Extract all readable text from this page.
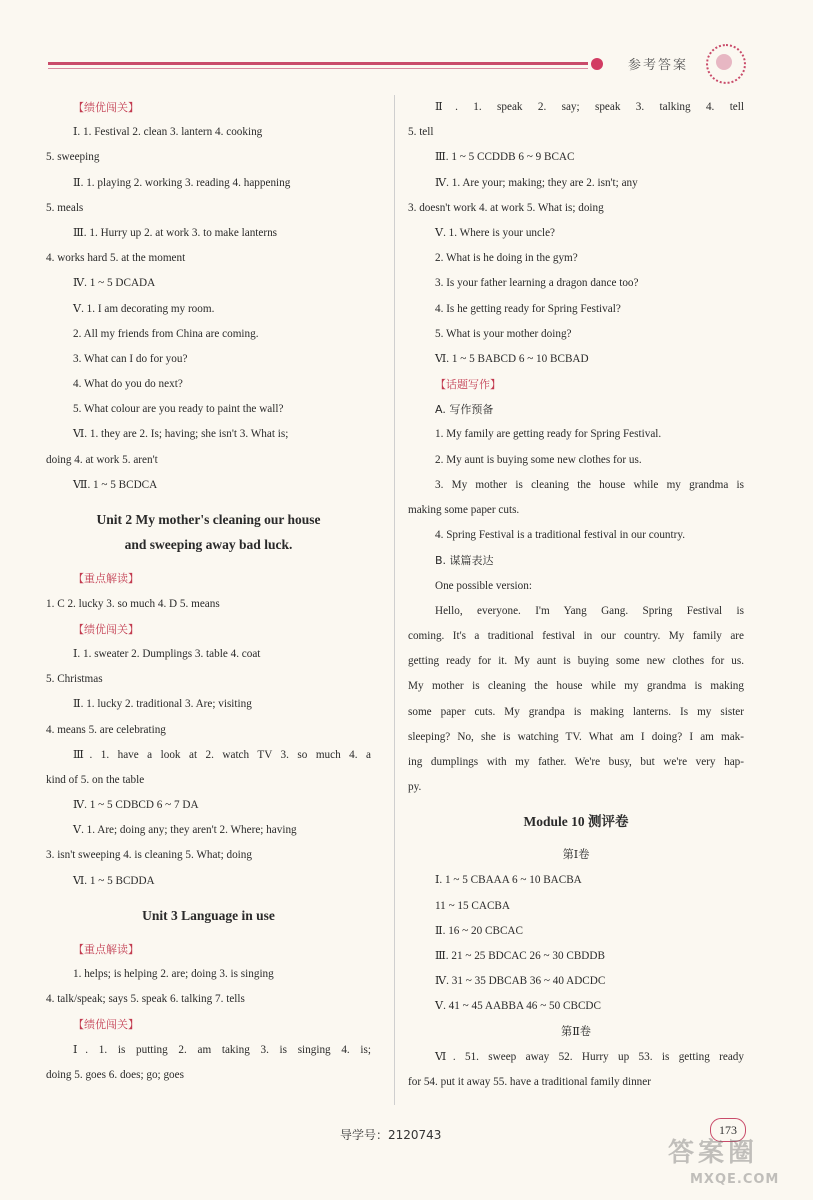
参考答案
【绩优闯关】
Ⅰ. 1. Festival 2. clean 3. lantern 4. cooking
5. sweeping
Ⅱ. 1. playing 2. working 3. reading 4. happening
5. meals
Ⅲ. 1. Hurry up 2. at work 3. to make lanterns
4. works hard 5. at the moment
Ⅳ. 1 ~ 5 DCADA
Ⅴ. 1. I am decorating my room.
2. All my friends from China are coming.
3. What can I do for you?
4. What do you do next?
5. What colour are you ready to paint the wall?
Ⅵ. 1. they are 2. Is; having; she isn't 3. What is;
doing 4. at work 5. aren't
Ⅶ. 1 ~ 5 BCDCA
Unit 2 My mother's cleaning our house
and sweeping away bad luck.
【重点解读】
1. C 2. lucky 3. so much 4. D 5. means
【绩优闯关】
Ⅰ. 1. sweater 2. Dumplings 3. table 4. coat
5. Christmas
Ⅱ. 1. lucky 2. traditional 3. Are; visiting
4. means 5. are celebrating
Ⅲ. 1. have a look at 2. watch TV 3. so much 4. a
kind of 5. on the table
Ⅳ. 1 ~ 5 CDBCD 6 ~ 7 DA
Ⅴ. 1. Are; doing any; they aren't 2. Where; having
3. isn't sweeping 4. is cleaning 5. What; doing
Ⅵ. 1 ~ 5 BCDDA
Unit 3 Language in use
【重点解读】
1. helps; is helping 2. are; doing 3. is singing
4. talk/speak; says 5. speak 6. talking 7. tells
【绩优闯关】
Ⅰ. 1. is putting 2. am taking 3. is singing 4. is;
doing 5. goes 6. does; go; goes
Ⅱ. 1. speak 2. say; speak 3. talking 4. tell
5. tell
Ⅲ. 1 ~ 5 CCDDB 6 ~ 9 BCAC
Ⅳ. 1. Are your; making; they are 2. isn't; any
3. doesn't work 4. at work 5. What is; doing
Ⅴ. 1. Where is your uncle?
2. What is he doing in the gym?
3. Is your father learning a dragon dance too?
4. Is he getting ready for Spring Festival?
5. What is your mother doing?
Ⅵ. 1 ~ 5 BABCD 6 ~ 10 BCBAD
【话题写作】
A. 写作预备
1. My family are getting ready for Spring Festival.
2. My aunt is buying some new clothes for us.
3. My mother is cleaning the house while my grandma is
making some paper cuts.
4. Spring Festival is a traditional festival in our country.
B. 谋篇表达
One possible version:
Hello, everyone. I'm Yang Gang. Spring Festival is
coming. It's a traditional festival in our country. My family are
getting ready for it. My aunt is buying some new clothes for us.
My mother is cleaning the house while my grandma is making
some paper cuts. My grandpa is making lanterns. Is my sister
sleeping? No, she is watching TV. What am I doing? I am mak-
ing dumplings with my father. We're busy, but we're very hap-
py.
Module 10 测评卷
第Ⅰ卷
Ⅰ. 1 ~ 5 CBAAA 6 ~ 10 BACBA
11 ~ 15 CACBA
Ⅱ. 16 ~ 20 CBCAC
Ⅲ. 21 ~ 25 BDCAC 26 ~ 30 CBDDB
Ⅳ. 31 ~ 35 DBCAB 36 ~ 40 ADCDC
Ⅴ. 41 ~ 45 AABBA 46 ~ 50 CBCDC
第Ⅱ卷
Ⅵ. 51. sweep away 52. Hurry up 53. is getting ready
for 54. put it away 55. have a traditional family dinner
导学号：2120743	173
答案圈
MXQE.COM
